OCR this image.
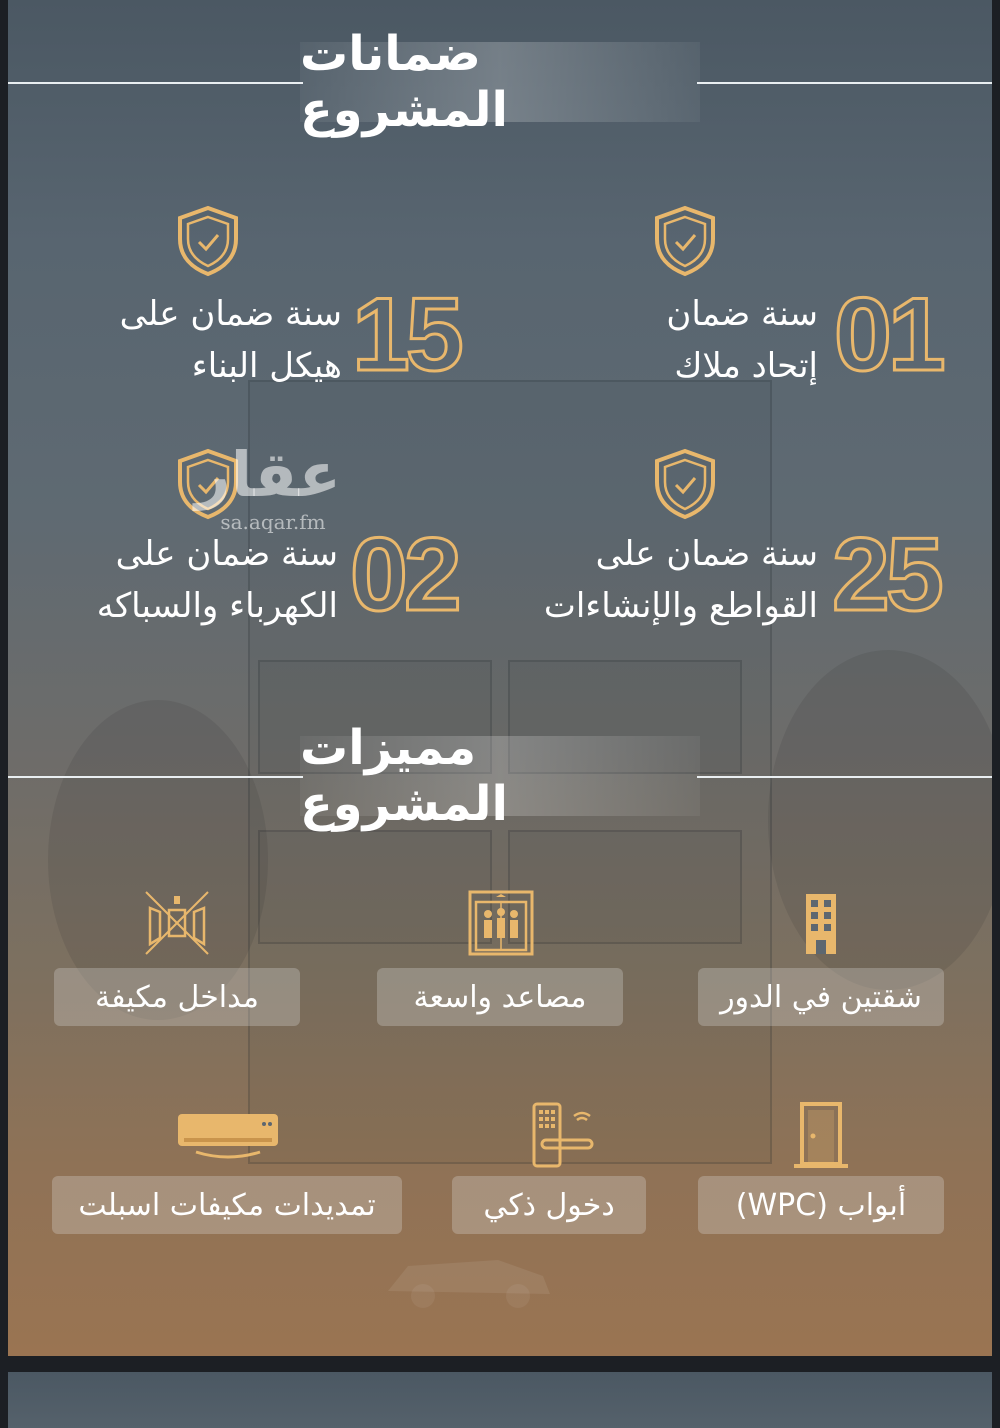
ضمانات المشروع
01
سنة ضمان
إتحاد ملاك
15
سنة ضمان على
هيكل البناء
25
سنة ضمان على
القواطع والإنشاءات
02
سنة ضمان على
الكهرباء والسباكه
عقار
sa.aqar.fm
مميزات المشروع
شقتين في الدور
مصاعد واسعة
مداخل مكيفة
أبواب (WPC)
دخول ذكي
تمديدات مكيفات اسبلت
